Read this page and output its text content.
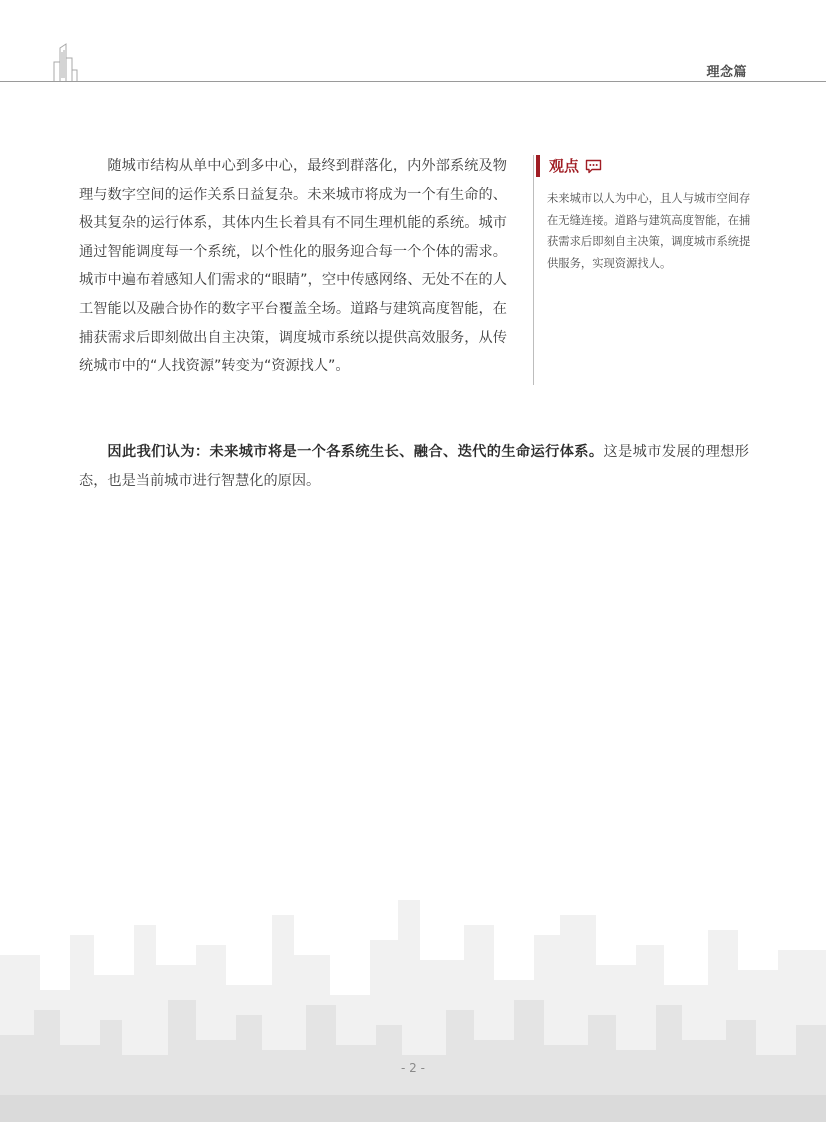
理念篇

随城市结构从单中心到多中心，最终到群落化，内外部系统及物理与数字空间的运作关系日益复杂。未来城市将成为一个有生命的、极其复杂的运行体系，其体内生长着具有不同生理机能的系统。城市通过智能调度每一个系统，以个性化的服务迎合每一个个体的需求。城市中遍布着感知人们需求的“眼睛”，空中传感网络、无处不在的人工智能以及融合协作的数字平台覆盖全场。道路与建筑高度智能，在捕获需求后即刻做出自主决策，调度城市系统以提供高效服务，从传统城市中的“人找资源”转变为“资源找人”。

观点
未来城市以人为中心，且人与城市空间存在无缝连接。道路与建筑高度智能，在捕获需求后即刻自主决策，调度城市系统提供服务，实现资源找人。

因此我们认为：未来城市将是一个各系统生长、融合、迭代的生命运行体系。这是城市发展的理想形态，也是当前城市进行智慧化的原因。

- 2 -
